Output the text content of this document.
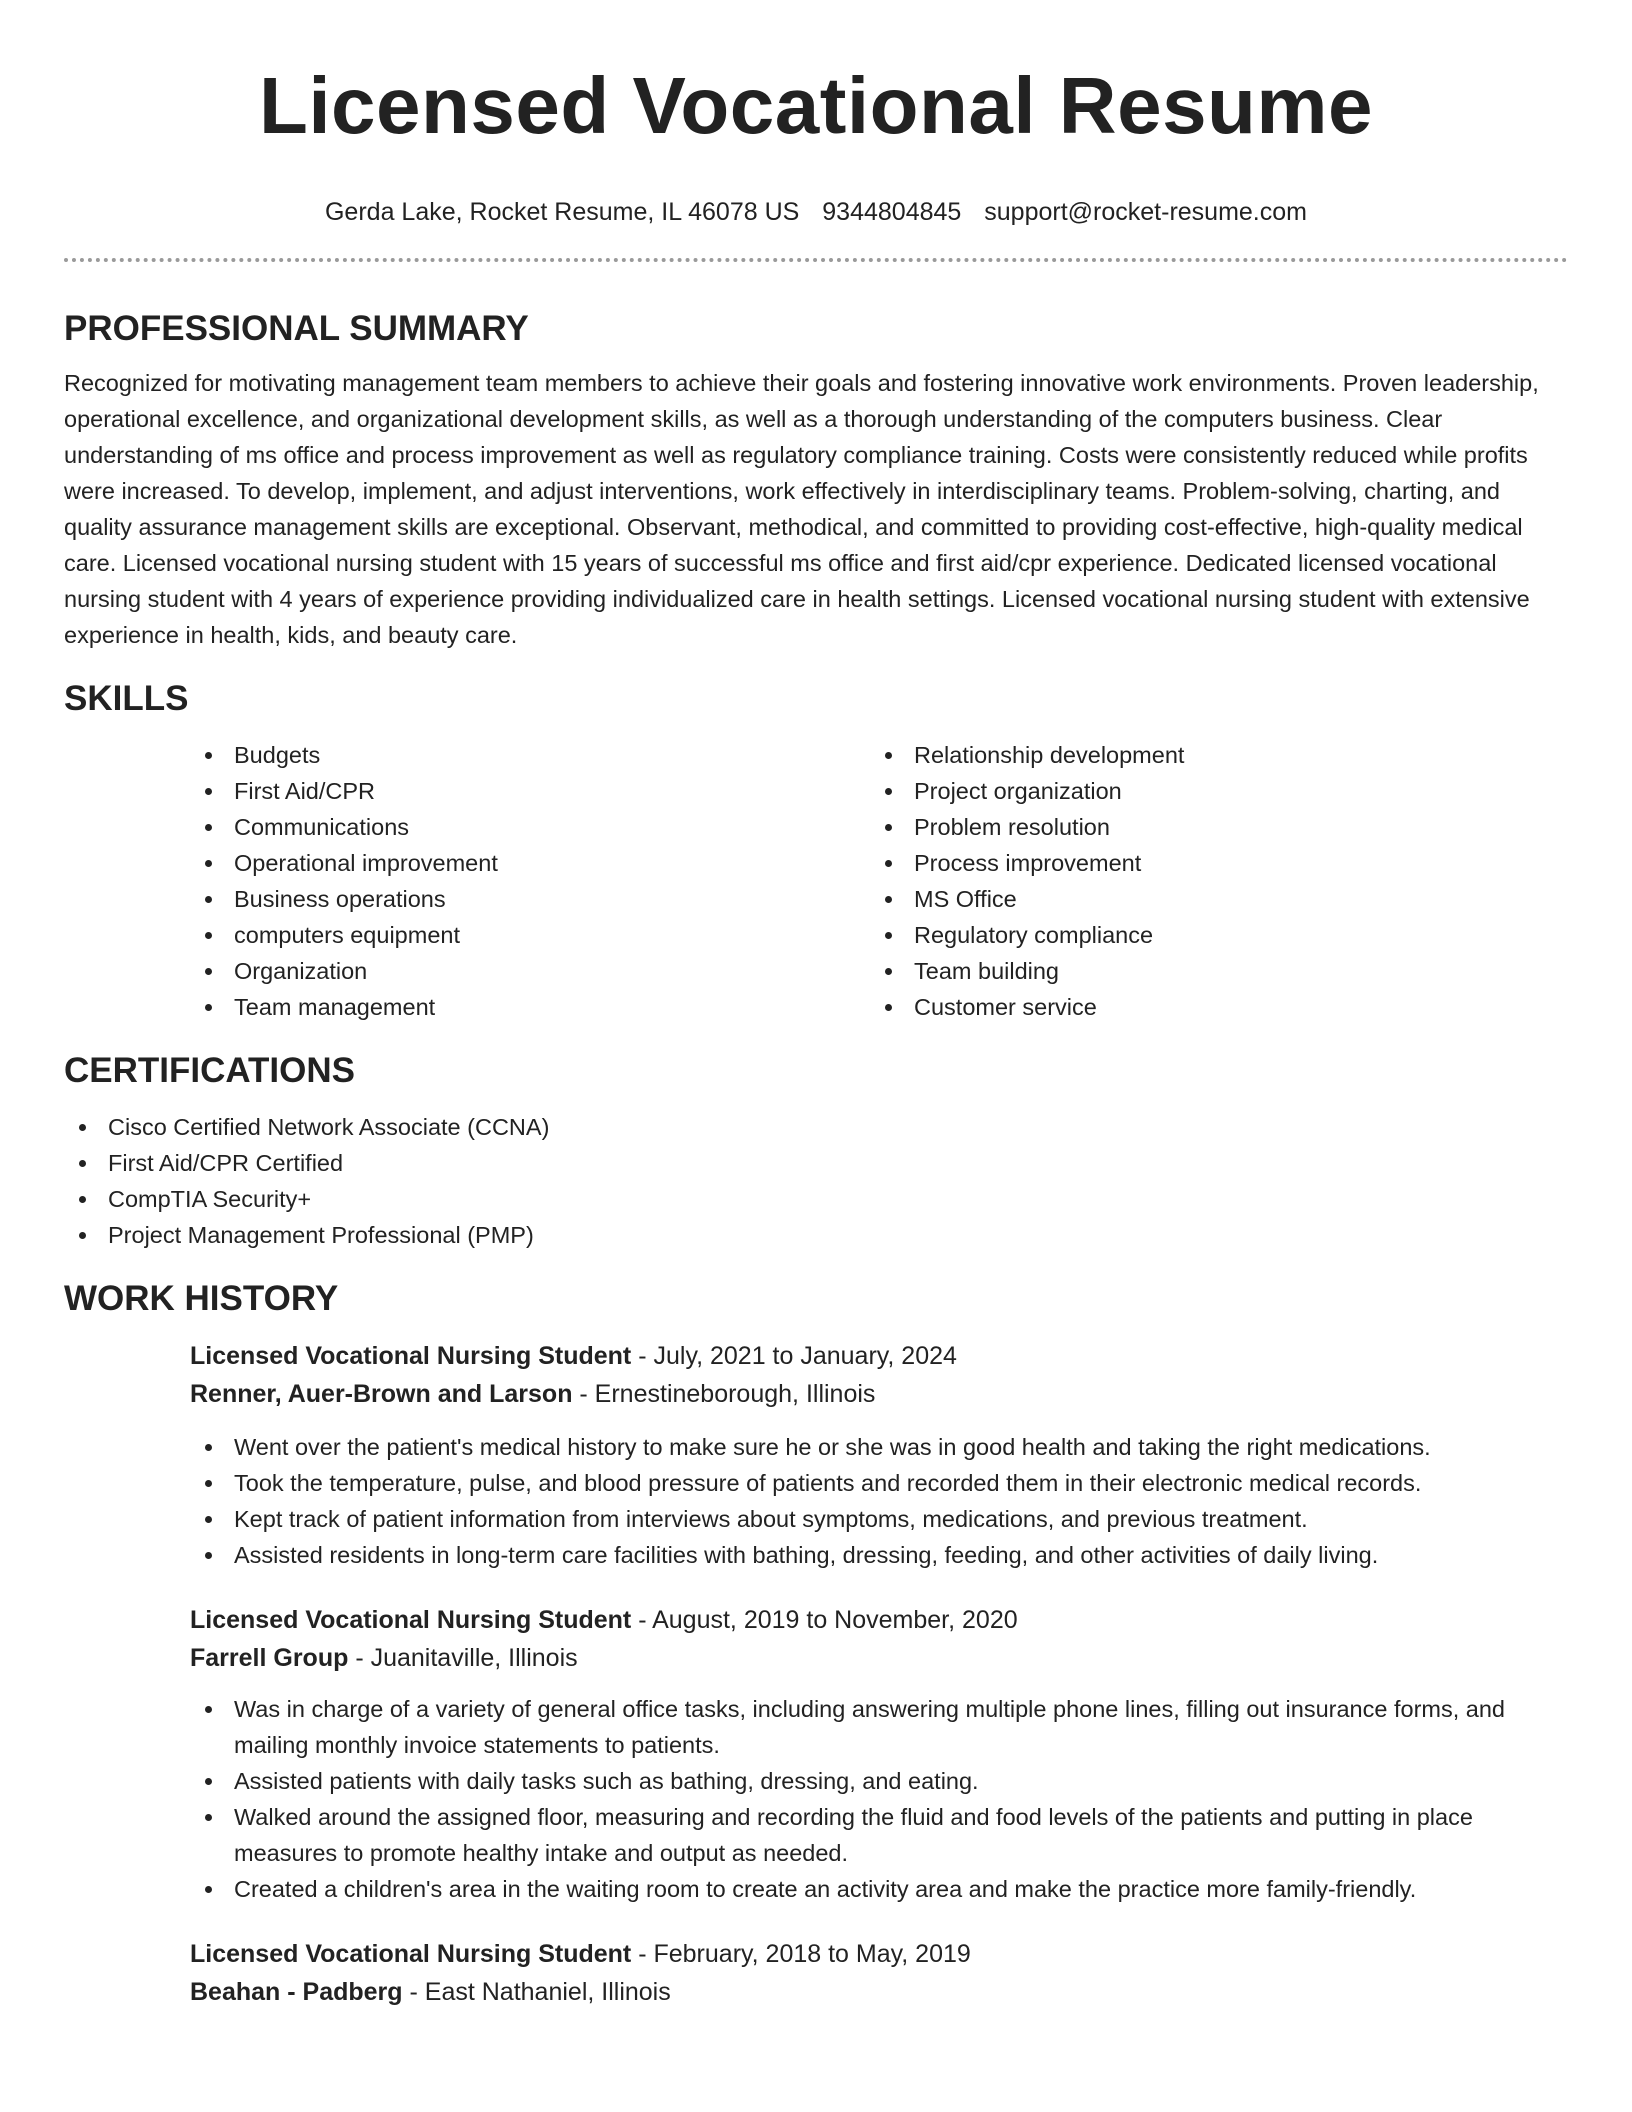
Licensed Vocational Resume
Gerda Lake, Rocket Resume, IL 46078 US 9344804845 support@rocket-resume.com
PROFESSIONAL SUMMARY

Recognized for motivating management team members to achieve their goals and fostering innovative work environments. Proven leadership, operational excellence, and organizational development skills, as well as a thorough understanding of the computers business. Clear understanding of ms office and process improvement as well as regulatory compliance training. Costs were consistently reduced while profits were increased. To develop, implement, and adjust interventions, work effectively in interdisciplinary teams. Problem-solving, charting, and quality assurance management skills are exceptional. Observant, methodical, and committed to providing cost-effective, high-quality medical care. Licensed vocational nursing student with 15 years of successful ms office and first aid/cpr experience. Dedicated licensed vocational nursing student with 4 years of experience providing individualized care in health settings. Licensed vocational nursing student with extensive experience in health, kids, and beauty care.

SKILLS
Budgets
First Aid/CPR
Communications
Operational improvement
Business operations
computers equipment
Organization
Team management
Relationship development
Project organization
Problem resolution
Process improvement
MS Office
Regulatory compliance
Team building
Customer service
CERTIFICATIONS
Cisco Certified Network Associate (CCNA)
First Aid/CPR Certified
CompTIA Security+
Project Management Professional (PMP)
WORK HISTORY
Licensed Vocational Nursing Student - July, 2021 to January, 2024
Renner, Auer-Brown and Larson - Ernestineborough, Illinois
Went over the patient's medical history to make sure he or she was in good health and taking the right medications.
Took the temperature, pulse, and blood pressure of patients and recorded them in their electronic medical records.
Kept track of patient information from interviews about symptoms, medications, and previous treatment.
Assisted residents in long-term care facilities with bathing, dressing, feeding, and other activities of daily living.
Licensed Vocational Nursing Student - August, 2019 to November, 2020
Farrell Group - Juanitaville, Illinois
Was in charge of a variety of general office tasks, including answering multiple phone lines, filling out insurance forms, and mailing monthly invoice statements to patients.
Assisted patients with daily tasks such as bathing, dressing, and eating.
Walked around the assigned floor, measuring and recording the fluid and food levels of the patients and putting in place measures to promote healthy intake and output as needed.
Created a children's area in the waiting room to create an activity area and make the practice more family-friendly.
Licensed Vocational Nursing Student - February, 2018 to May, 2019
Beahan - Padberg - East Nathaniel, Illinois
